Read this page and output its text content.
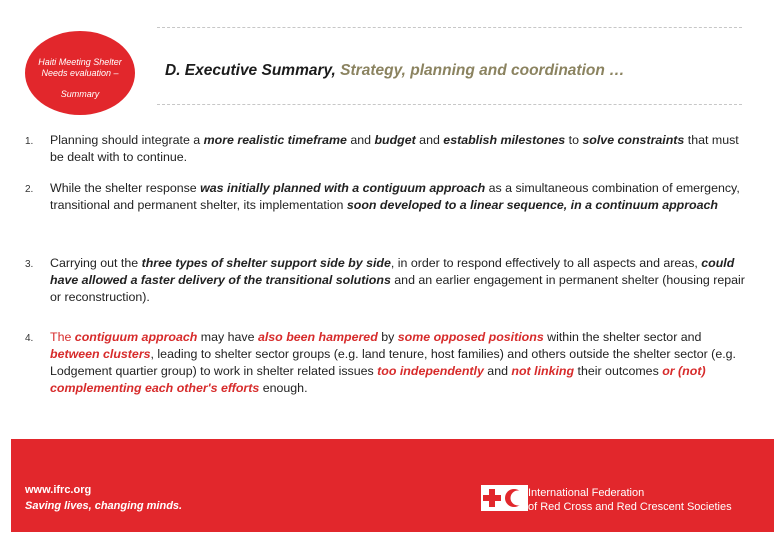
Haiti Meeting Shelter
Needs evaluation –
Summary
D. Executive Summary, Strategy, planning and coordination …
1. Planning should integrate a more realistic timeframe and budget and establish milestones to solve constraints that must be dealt with to continue.
2. While the shelter response was initially planned with a contiguum approach as a simultaneous combination of emergency, transitional and permanent shelter, its implementation soon developed to a linear sequence, in a continuum approach
3. Carrying out the three types of shelter support side by side, in order to respond effectively to all aspects and areas, could have allowed a faster delivery of the transitional solutions and an earlier engagement in permanent shelter (housing repair or reconstruction).
4. The contiguum approach may have also been hampered by some opposed positions within the shelter sector and between clusters, leading to shelter sector groups (e.g. land tenure, host families) and others outside the shelter sector (e.g. Lodgement quartier group) to work in shelter related issues too independently and not linking their outcomes or (not) complementing each other's efforts enough.
www.ifrc.org
Saving lives, changing minds.
International Federation
of Red Cross and Red Crescent Societies
